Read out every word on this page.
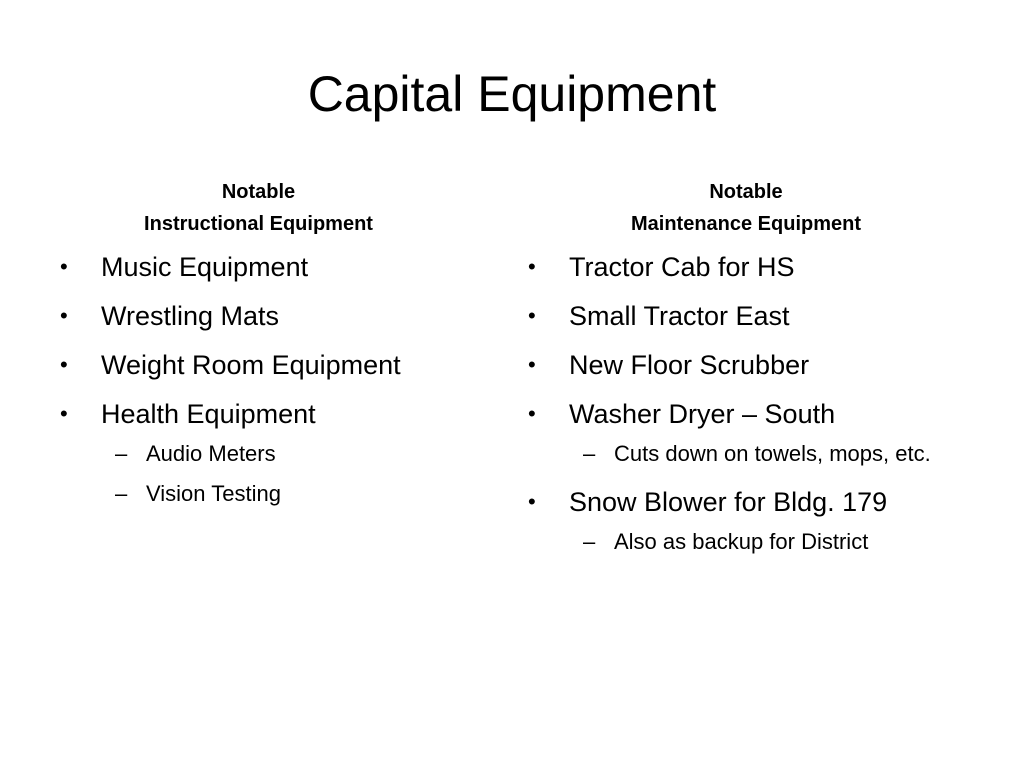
Capital Equipment
Notable
Instructional Equipment
Notable
Maintenance Equipment
• Music Equipment
• Wrestling Mats
• Weight Room Equipment
• Health Equipment
– Audio Meters
– Vision Testing
• Tractor Cab for HS
• Small Tractor East
• New Floor Scrubber
• Washer Dryer – South
– Cuts down on towels, mops, etc.
• Snow Blower for Bldg. 179
– Also as backup for District
